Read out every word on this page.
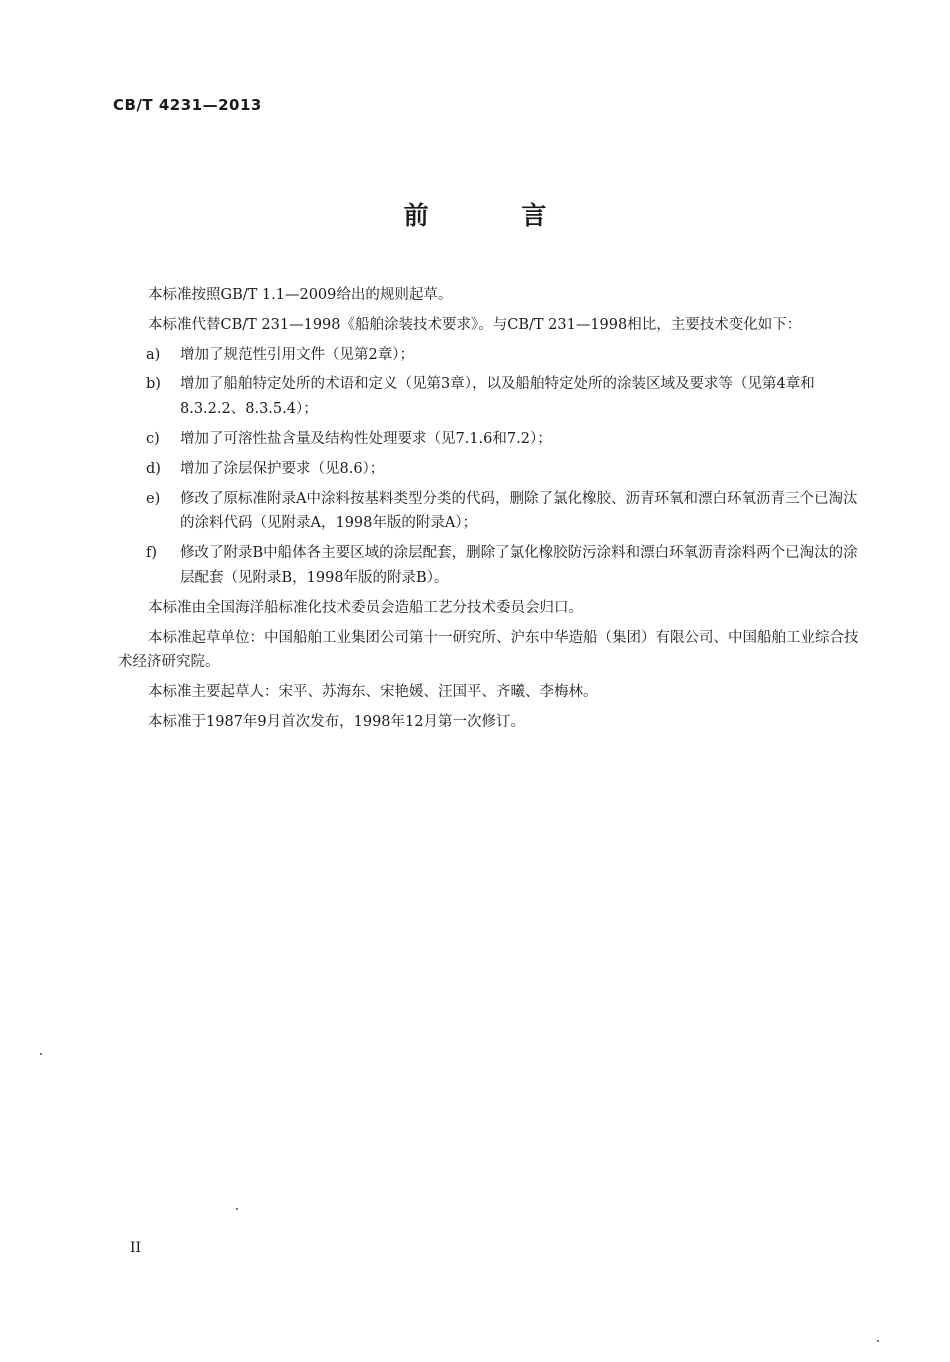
CB/T 4231—2013
前 言

本标准按照GB/T 1.1—2009给出的规则起草。

本标准代替CB/T 231—1998《船舶涂装技术要求》。与CB/T 231—1998相比，主要技术变化如下：

a)	增加了规范性引用文件（见第2章）；
b)	增加了船舶特定处所的术语和定义（见第3章），以及船舶特定处所的涂装区域及要求等（见第4章和8.3.2.2、8.3.5.4）；
c)	增加了可溶性盐含量及结构性处理要求（见7.1.6和7.2）；
d)	增加了涂层保护要求（见8.6）；
e)	修改了原标准附录A中涂料按基料类型分类的代码，删除了氯化橡胶、沥青环氧和漂白环氧沥青三个已淘汰的涂料代码（见附录A，1998年版的附录A）；
f)	修改了附录B中船体各主要区域的涂层配套，删除了氯化橡胶防污涂料和漂白环氧沥青涂料两个已淘汰的涂层配套（见附录B，1998年版的附录B）。

本标准由全国海洋船标准化技术委员会造船工艺分技术委员会归口。

本标准起草单位：中国船舶工业集团公司第十一研究所、沪东中华造船（集团）有限公司、中国船舶工业综合技术经济研究院。

本标准主要起草人：宋平、苏海东、宋艳媛、汪国平、齐曦、李梅林。

本标准于1987年9月首次发布，1998年12月第一次修订。

II
